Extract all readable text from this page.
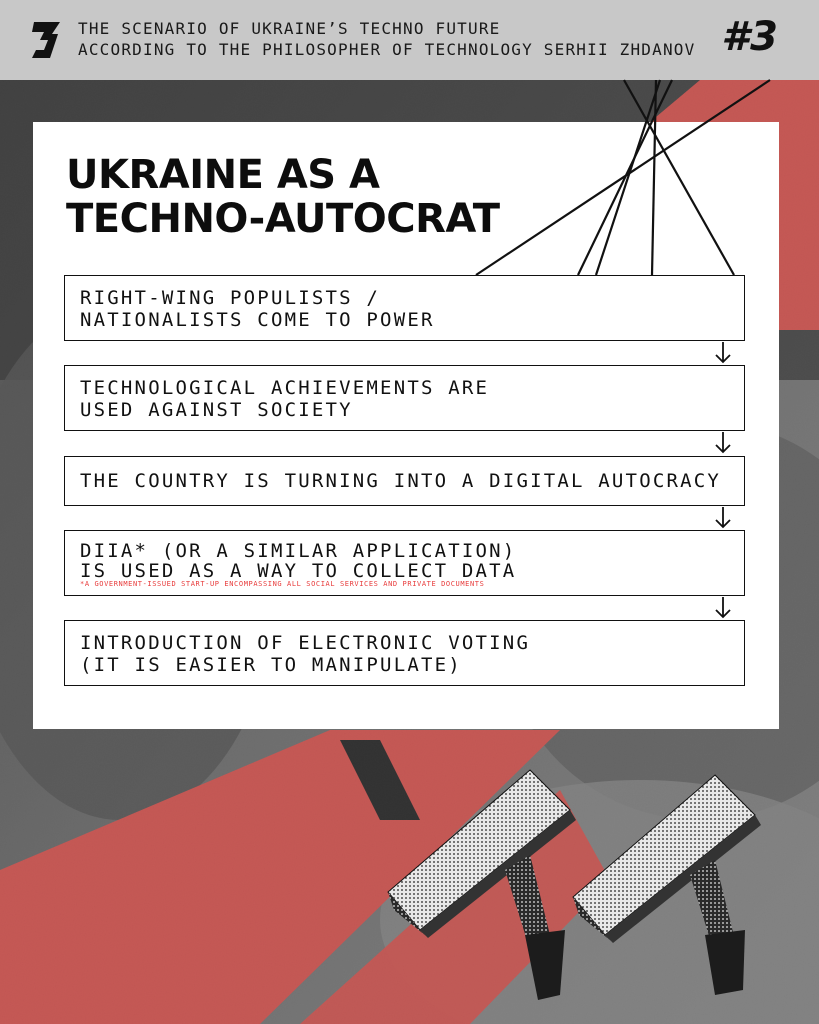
THE SCENARIO OF UKRAINE’S TECHNO FUTURE
ACCORDING TO THE PHILOSOPHER OF TECHNOLOGY SERHII ZHDANOV #3
UKRAINE AS A
TECHNO-AUTOCRAT
RIGHT-WING POPULISTS /
NATIONALISTS COME TO POWER
TECHNOLOGICAL ACHIEVEMENTS ARE
USED AGAINST SOCIETY
THE COUNTRY IS TURNING INTO A DIGITAL AUTOCRACY
DIIA* (OR A SIMILAR APPLICATION)
IS USED AS A WAY TO COLLECT DATA
*A GOVERNMENT-ISSUED START-UP ENCOMPASSING ALL SOCIAL SERVICES AND PRIVATE DOCUMENTS
INTRODUCTION OF ELECTRONIC VOTING
(IT IS EASIER TO MANIPULATE)
